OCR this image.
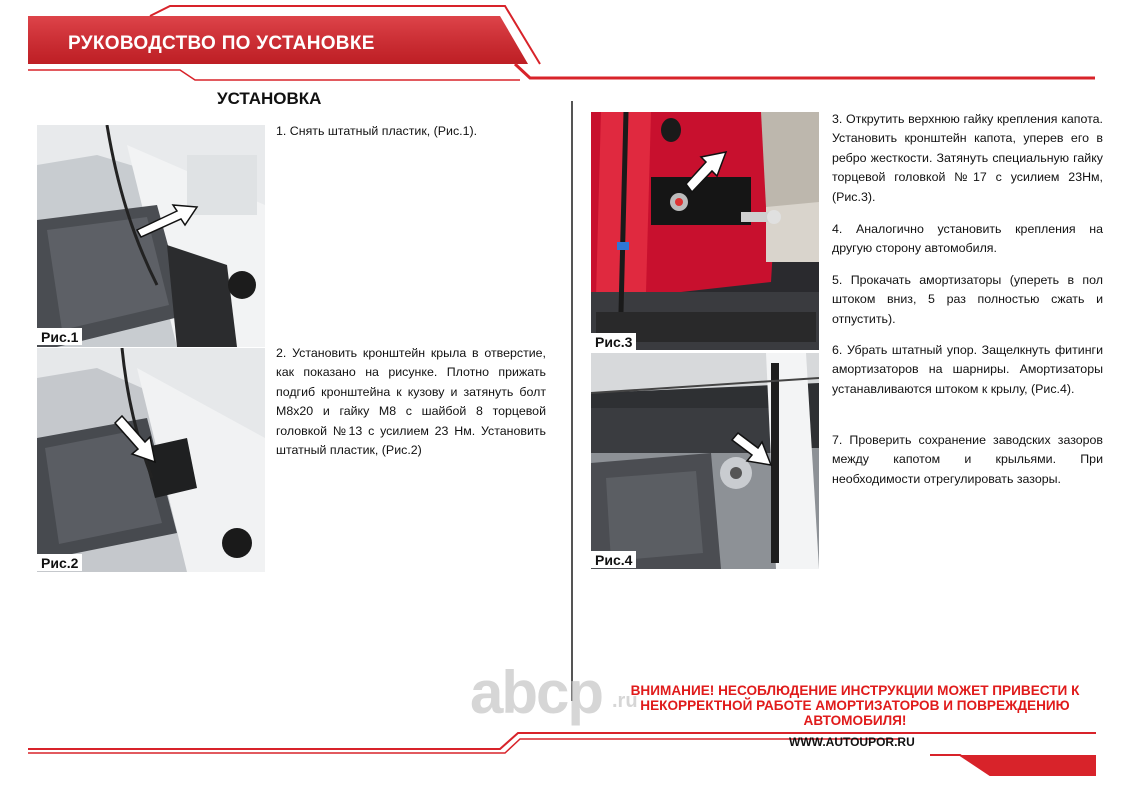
РУКОВОДСТВО ПО УСТАНОВКЕ
УСТАНОВКА
Рис.1
Рис.2
1. Снять штатный пластик, (Рис.1).
2. Установить кронштейн крыла в отверстие, как показано на рисунке. Плотно прижать подгиб кронштейна к кузову и затянуть болт М8х20 и гайку М8 с шайбой 8 торцевой головкой №13 с усилием 23 Нм. Установить штатный пластик, (Рис.2)
Рис.3
Рис.4
3. Открутить верхнюю гайку крепления капота. Установить кронштейн капота, уперев его в ребро жесткости. Затянуть специальную гайку торцевой головкой №17 с усилием 23Нм, (Рис.3).
4. Аналогично установить крепления на другую сторону автомобиля.
5. Прокачать амортизаторы (упереть в пол штоком вниз, 5 раз полностью сжать и отпустить).
6. Убрать штатный упор. Защелкнуть фитинги амортизаторов на шарниры. Амортизаторы устанавливаются штоком к крылу, (Рис.4).
7. Проверить сохранение заводских зазоров между капотом и крыльями. При необходимости отрегулировать зазоры.
abcp .ru
ВНИМАНИЕ! НЕСОБЛЮДЕНИЕ ИНСТРУКЦИИ МОЖЕТ ПРИВЕСТИ К
НЕКОРРЕКТНОЙ РАБОТЕ АМОРТИЗАТОРОВ И ПОВРЕЖДЕНИЮ
АВТОМОБИЛЯ!
WWW.AUTOUPOR.RU
